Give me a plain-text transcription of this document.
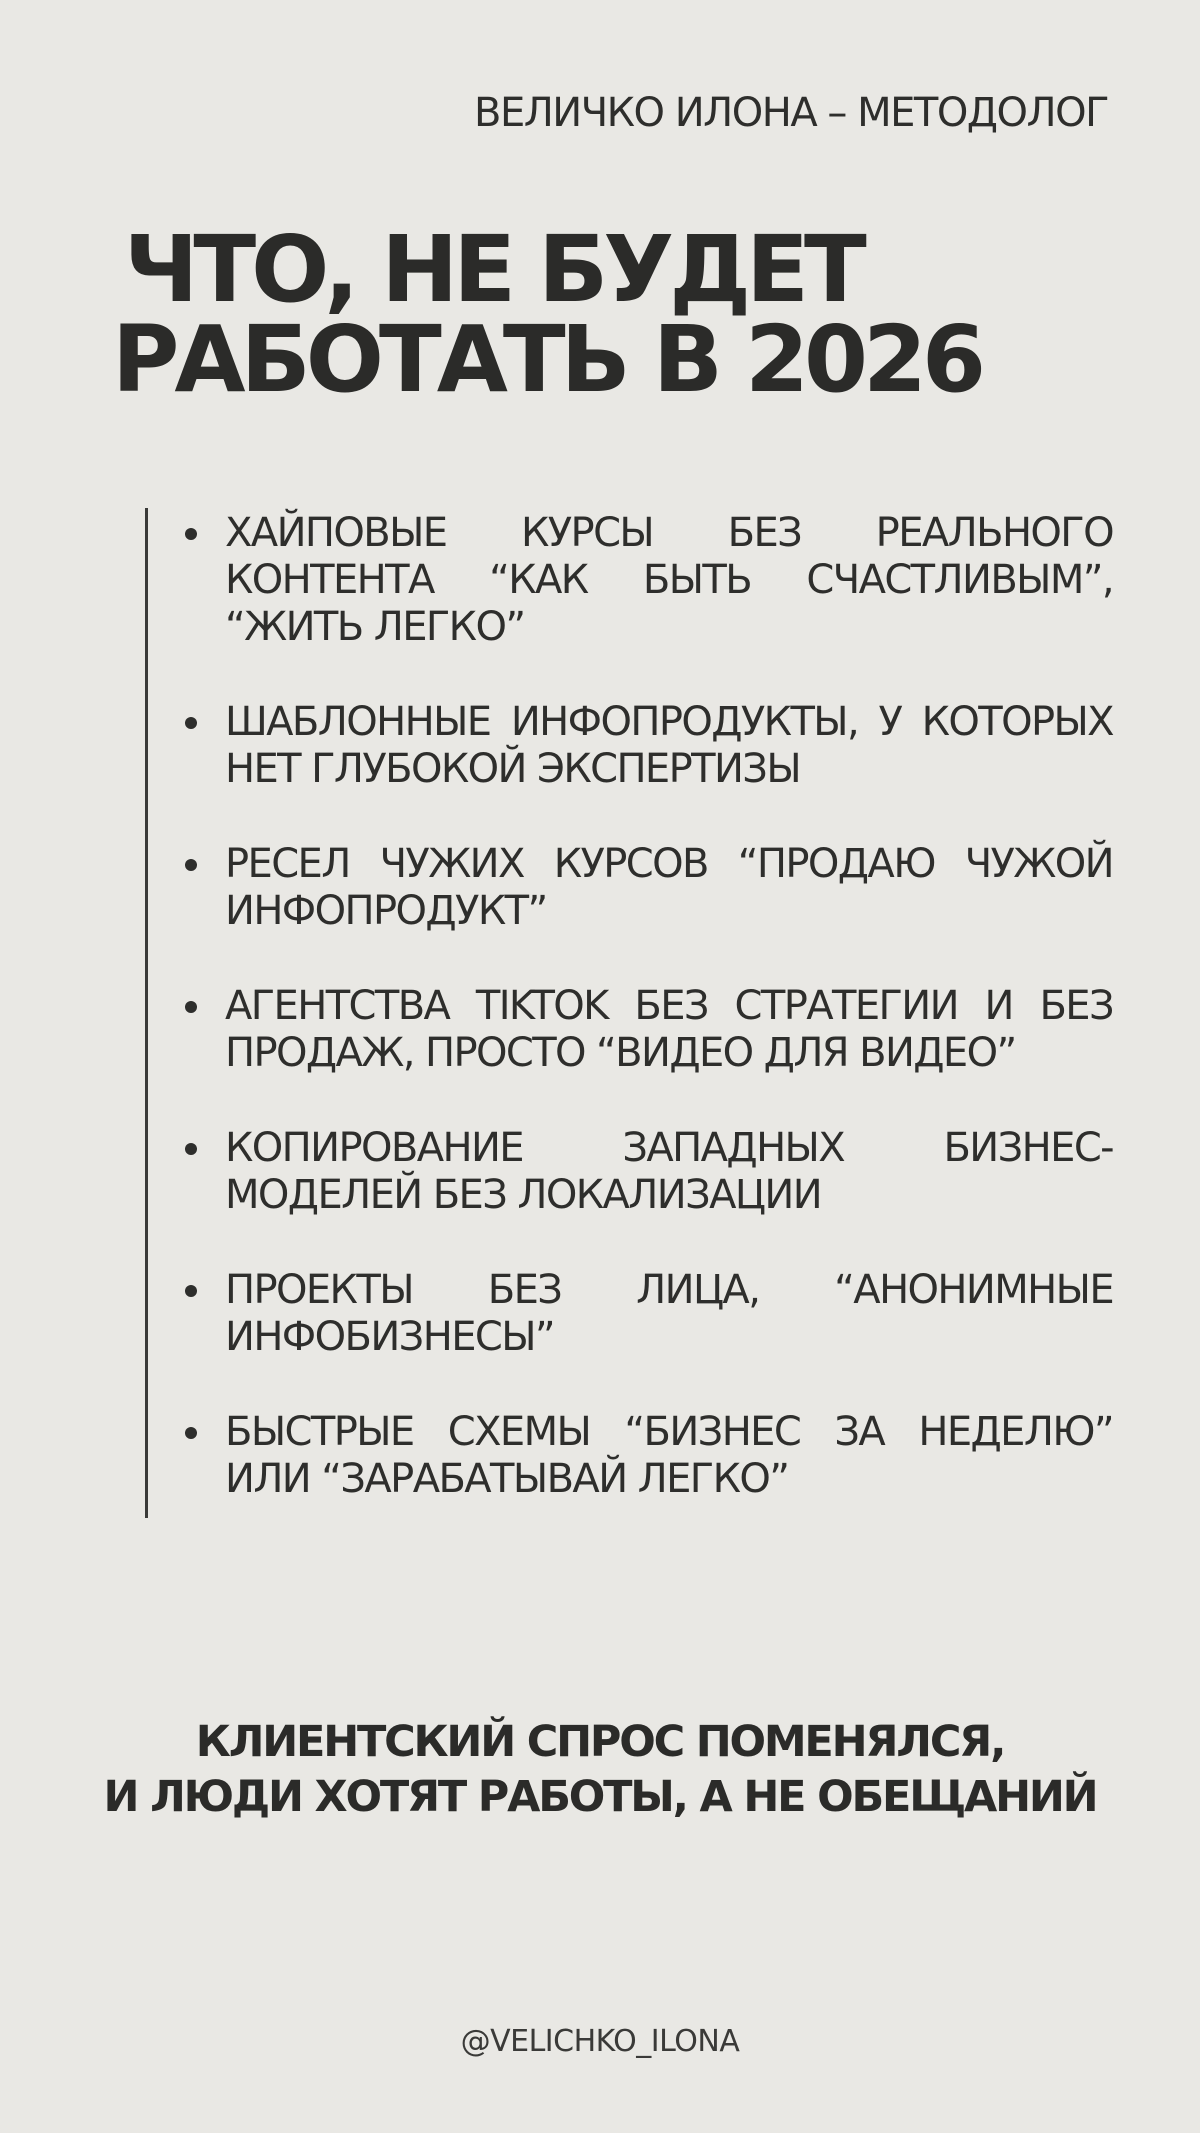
ВЕЛИЧКО ИЛОНА – МЕТОДОЛОГ
ЧТО, НЕ БУДЕТ
РАБОТАТЬ В 2026
ХАЙПОВЫЕ КУРСЫ БЕЗ РЕАЛЬНОГО КОНТЕНТА “КАК БЫТЬ СЧАСТЛИВЫМ”, “ЖИТЬ ЛЕГКО”
ШАБЛОННЫЕ ИНФОПРОДУКТЫ, У КОТОРЫХ НЕТ ГЛУБОКОЙ ЭКСПЕРТИЗЫ
РЕСЕЛ ЧУЖИХ КУРСОВ “ПРОДАЮ ЧУЖОЙ ИНФОПРОДУКТ”
АГЕНТСТВА TIKTOK БЕЗ СТРАТЕГИИ И БЕЗ ПРОДАЖ, ПРОСТО “ВИДЕО ДЛЯ ВИДЕО”
КОПИРОВАНИЕ ЗАПАДНЫХ БИЗНЕС-МОДЕЛЕЙ БЕЗ ЛОКАЛИЗАЦИИ
ПРОЕКТЫ БЕЗ ЛИЦА, “АНОНИМНЫЕ ИНФОБИЗНЕСЫ”
БЫСТРЫЕ СХЕМЫ “БИЗНЕС ЗА НЕДЕЛЮ” ИЛИ “ЗАРАБАТЫВАЙ ЛЕГКО”
КЛИЕНТСКИЙ СПРОС ПОМЕНЯЛСЯ,
И ЛЮДИ ХОТЯТ РАБОТЫ, А НЕ ОБЕЩАНИЙ
@VELICHKO_ILONA
